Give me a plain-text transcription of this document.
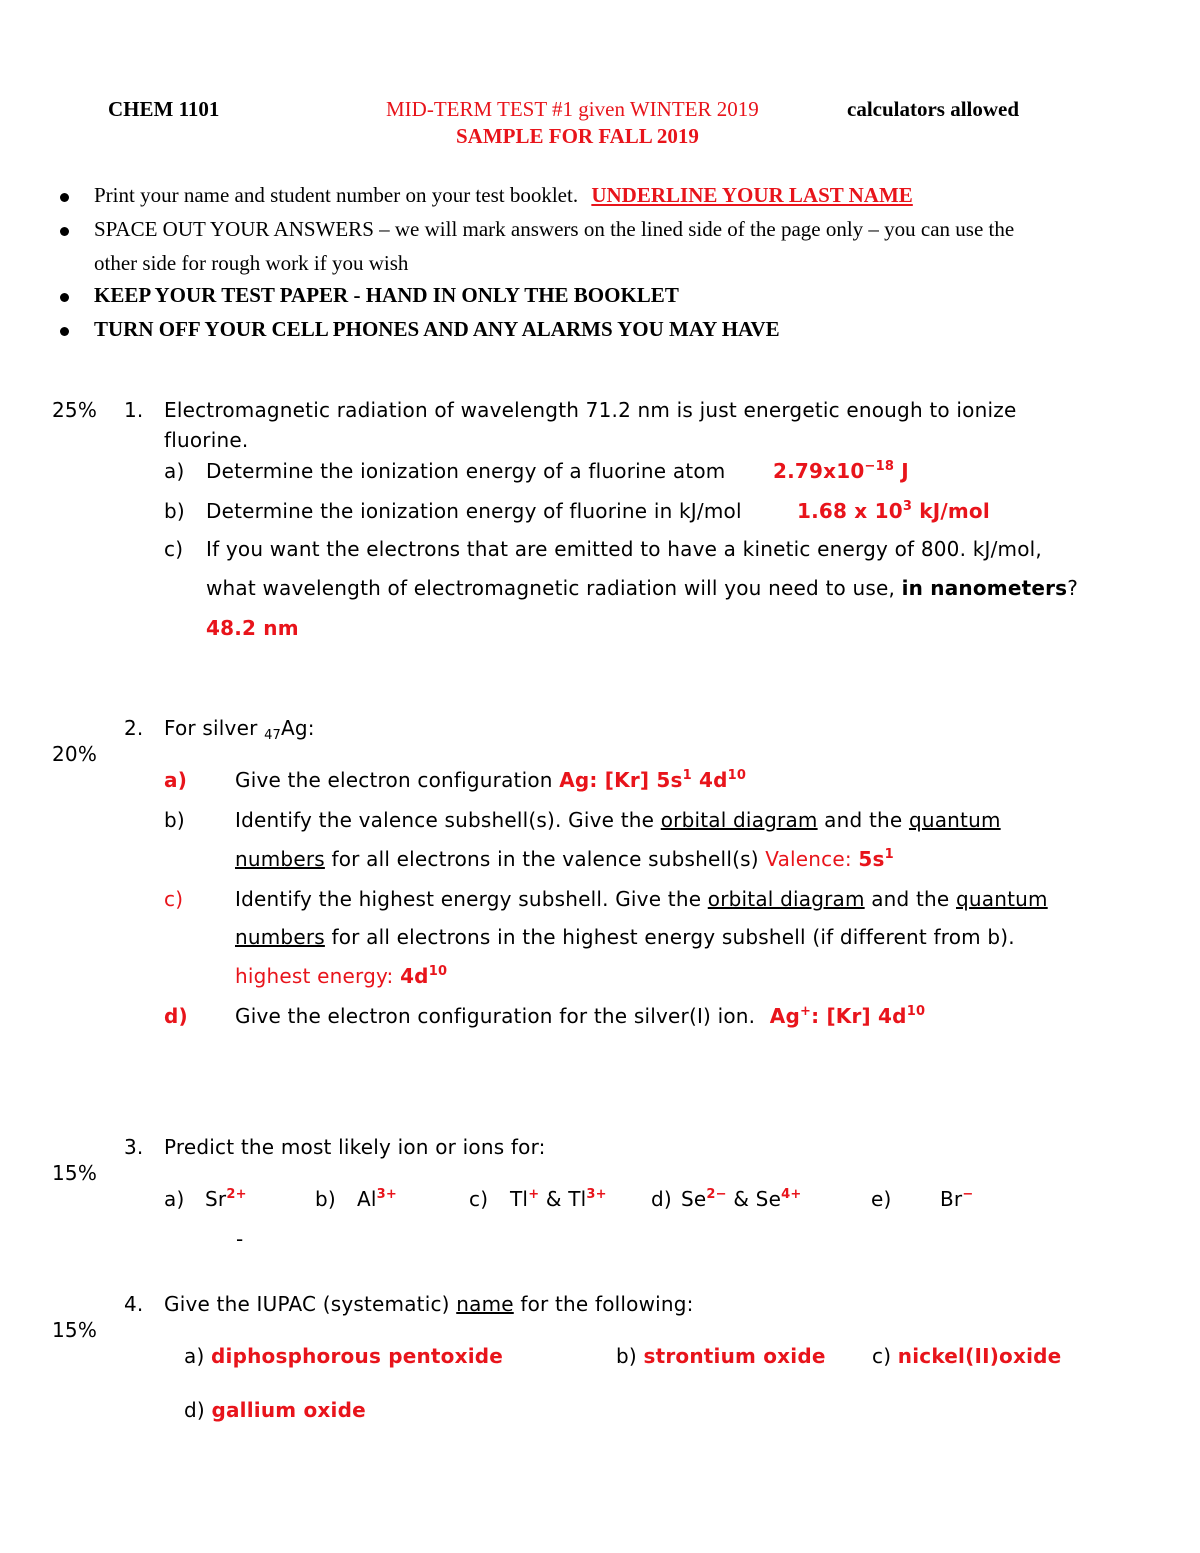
CHEM 1101	MID-TERM TEST #1 given WINTER 2019	calculators allowed
SAMPLE FOR FALL 2019
Print your name and student number on your test booklet. UNDERLINE YOUR LAST NAME
SPACE OUT YOUR ANSWERS – we will mark answers on the lined side of the page only – you can use the
other side for rough work if you wish
KEEP YOUR TEST PAPER - HAND IN ONLY THE BOOKLET
TURN OFF YOUR CELL PHONES AND ANY ALARMS YOU MAY HAVE
25% 1. Electromagnetic radiation of wavelength 71.2 nm is just energetic enough to ionize
fluorine.
a) Determine the ionization energy of a fluorine atom $2.79x10^{-18}$ J
b) Determine the ionization energy of fluorine in kJ/mol	1.68 x $10^3$ kJ/mol
c) If you want the electrons that are emitted to have a kinetic energy of 800. kJ/mol,
what wavelength of electromagnetic radiation will you need to use, in nanometers?
48.2 nm
2. For silver $_{47}$Ag:
20%
a) Give the electron configuration Ag: [Kr] $5s^1$ $4d^{10}$
b)	Identify the valence subshell(s). Give the orbital diagram and the quantum
numbers for all electrons in the valence subshell(s) Valence: $5s^1$
c)	Identify the highest energy subshell. Give the orbital diagram and the quantum
numbers for all electrons in the highest energy subshell (if different from b).
highest energy: $4d^{10}$
d) Give the electron configuration for the silver(I) ion. Ag+: [Kr] $4d^{10}$
3. Predict the most likely ion or ions for:
15%
a) $Sr^{2+}$	b) $Al^{3+}$	c) Tl+ & $Tl^{3+}$ d) $Se^{2-}$ & $Se^{4+}$	e) Br−
-
4. Give the IUPAC (systematic) name for the following:
15%
a) diphosphorous pentoxide	b) strontium oxide c) nickel(II)oxide
d) gallium oxide
